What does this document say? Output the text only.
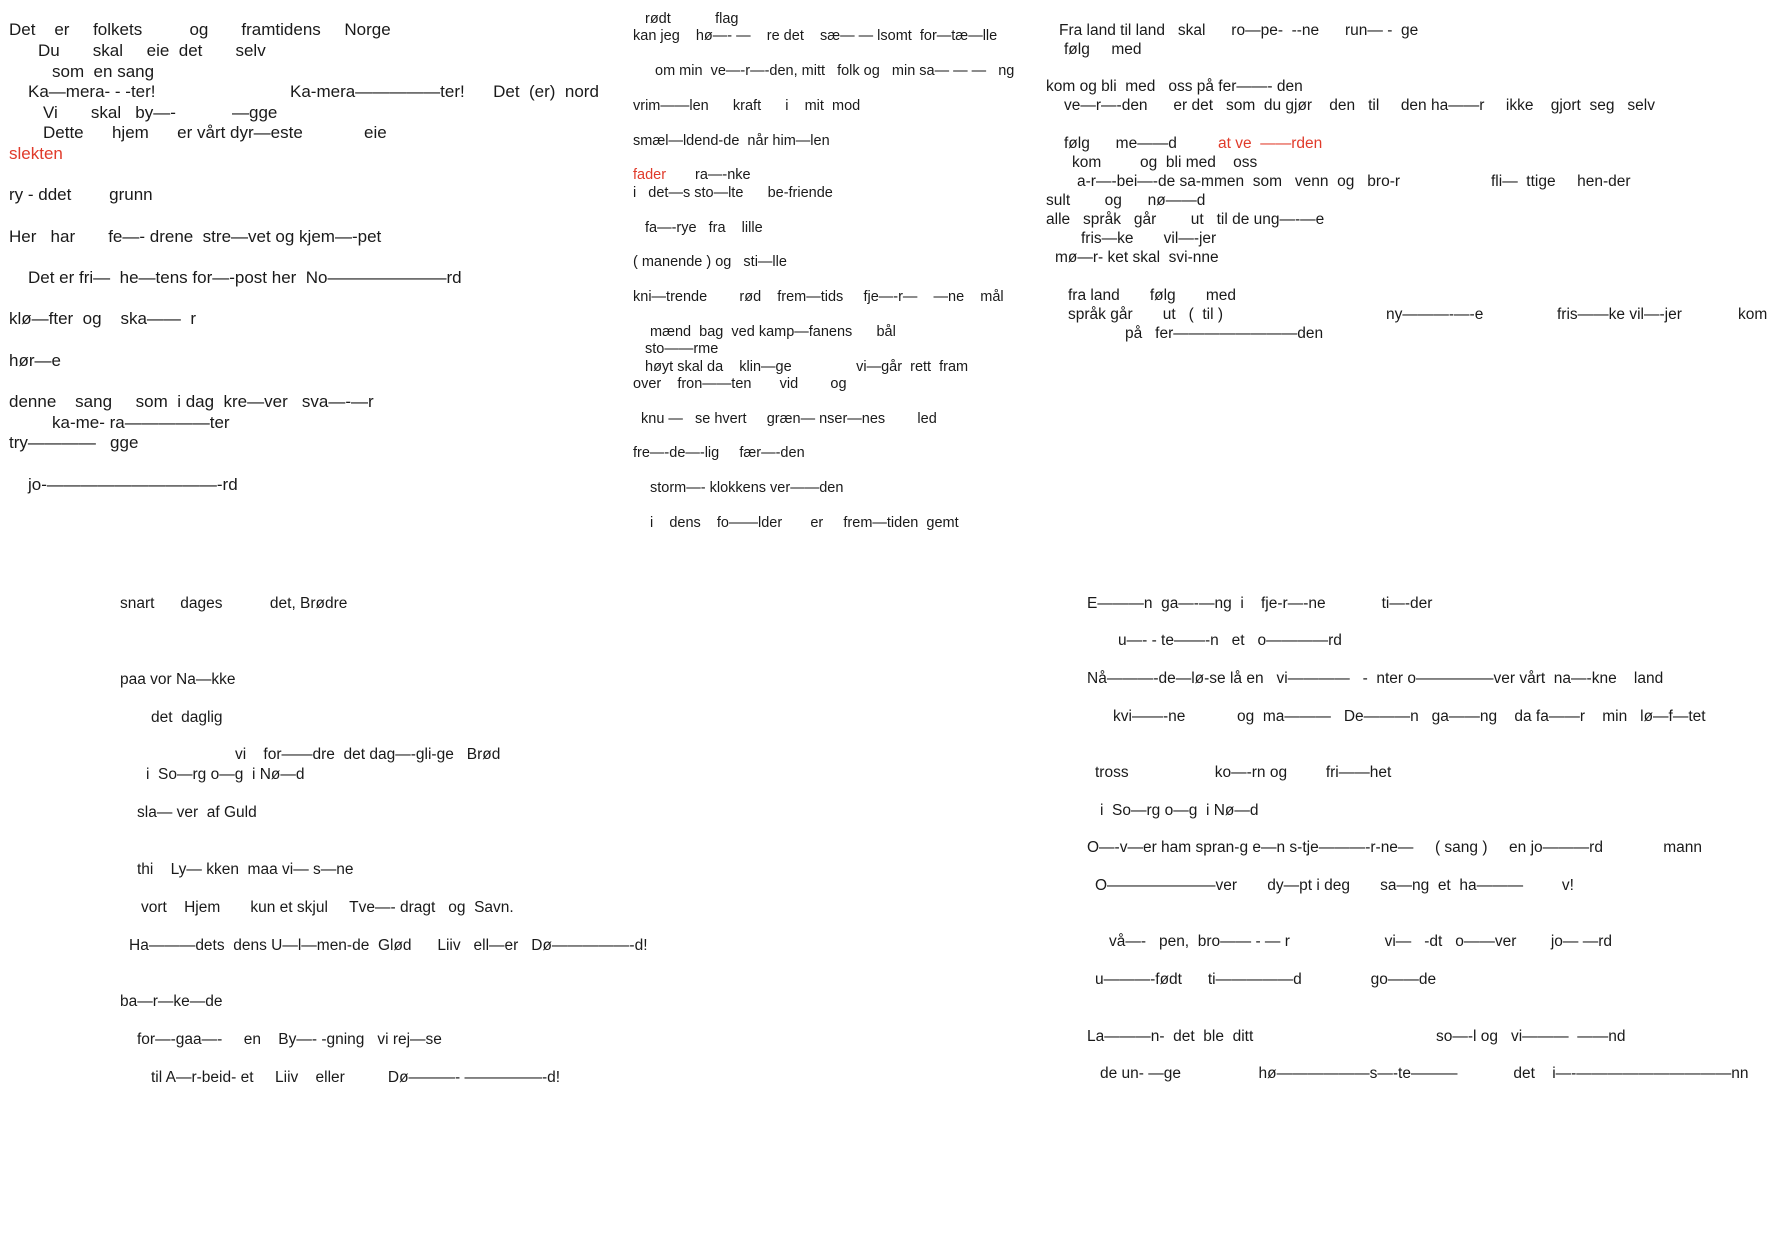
Det    er     folkets          og       framtidens     Norge
Du       skal     eie  det       selv
som  en sang
Ka—mera- - -ter!	Ka-mera—————ter!      Det  (er)  nord
Vi       skal   by—-	—gge
Dette      hjem      er vårt dyr—este	eie
slekten
ry - ddet        grunn
Her   har       fe—- drene  stre—vet og kjem—-pet
Det er fri—  he—tens for—-post her  No———————rd
klø—fter  og    ska——  r
hør—e
denne    sang     som  i dag  kre—ver   sva—-—r
ka-me- ra—————ter
try————   gge
jo-——————————-rd
rødt           flag
kan jeg    hø—- —    re det    sæ— — lsomt  for—tæ—lle
om min  ve—-r—-den, mitt   folk og   min sa— — —   ng
vrim——len      kraft      i    mit  mod
smæl—ldend-de  når him—len
fader ra—-nke
i   det—s sto—lte      be-friende
fa—-rye   fra    lille
( manende ) og   sti—lle
kni—trende        rød    frem—tids     fje—-r—    —ne    mål
mænd  bag  ved kamp—fanens      bål
sto——rme
høyt skal da    klin—ge                vi—går  rett  fram
over    fron——ten       vid        og
knu —   se hvert     græn— nser—nes        led
fre—-de—-lig     fær—-den
storm—- klokkens ver——den
i    dens    fo——lder       er     frem—tiden  gemt
Fra land til land   skal      ro—pe-  --ne      run— -  ge
følg     med
kom og bli  med   oss på fer——- den
ve—r—-den      er det   som  du gjør    den   til     den ha——r     ikke    gjort  seg   selv
følg      me——d	at ve  ——rden
kom         og  bli med    oss
a-r—-bei—-de sa-mmen  som   venn  og   bro-r	fli—  ttige     hen-der
sult        og      nø——d
alle   språk   går        ut   til de ung—-—e
fris—ke       vil—-jer
mø—r- ket skal  svi-nne
fra land       følg       med
språk går       ut   (  til )	ny———-—-e	fris——ke vil—-jer	kom
på   fer————————den
snart      dages           det, Brødre
paa vor Na—kke
det  daglig
vi    for——dre  det dag—-gli-ge   Brød
i  So—rg o—g  i Nø—d
sla— ver  af Guld
thi    Ly— kken  maa vi— s—ne
vort    Hjem       kun et skjul     Tve—- dragt   og  Savn.
Ha———dets  dens U—l—men-de  Glød      Liiv   ell—er   Dø—————-d!
ba—r—ke—de
for—-gaa—-     en    By—- -gning   vi rej—se
til A—r-beid- et     Liiv    eller          Dø———- —————-d!
E———n  ga—-—ng  i    fje-r—-ne             ti—-der
u—- - te——-n   et   o————rd
Nå———-de—lø-se lå en   vi————   -  nter o—————ver vårt  na—-kne    land
kvi——-ne            og  ma———   De———n   ga——ng    da fa——r    min   lø—f—tet
tross                    ko—-rn og         fri——het
i  So—rg o—g  i Nø—d
O—-v—er ham spran-g e—n s-tje———-r-ne—     ( sang )     en jo———rd              mann
O———————ver       dy—pt i deg       sa—ng  et  ha———         v!
vå—-   pen,  bro—— - — r                      vi—   -dt   o——ver        jo— —rd
u———-født      ti—————d                go——de
La———n-  det  ble  ditt	so—-l og   vi———  ——nd
de un- —ge                  hø——————s—-te———             det    i—-——————————nn
